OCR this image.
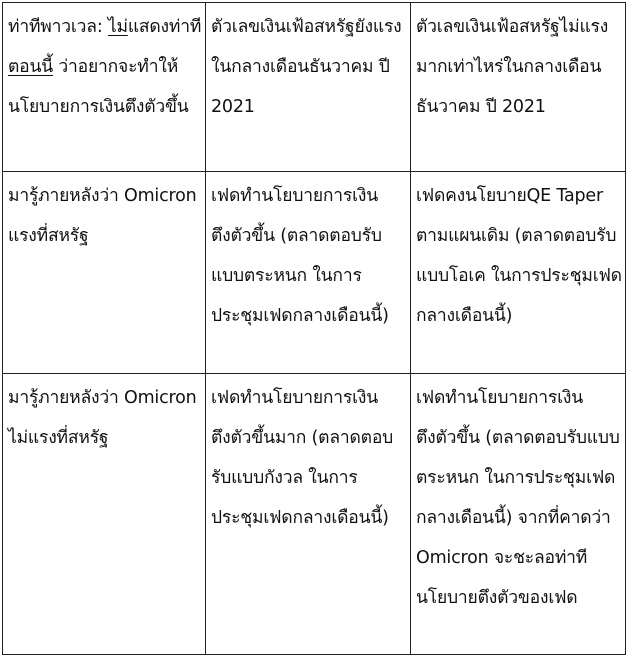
ท่าทีพาวเวล: ไม่แสดงท่าทีตอนนี้ ว่าอยากจะทำให้นโยบายการเงินตึงตัวขึ้น	ตัวเลขเงินเฟ้อสหรัฐยังแรงในกลางเดือนธันวาคม ปี 2021	ตัวเลขเงินเฟ้อสหรัฐไม่แรงมากเท่าไหร่ในกลางเดือนธันวาคม ปี 2021
มารู้ภายหลังว่า Omicron แรงที่สหรัฐ	เฟดทำนโยบายการเงินตึงตัวขึ้น (ตลาดตอบรับแบบตระหนก ในการประชุมเฟดกลางเดือนนี้)	เฟดคงนโยบายQE Taper ตามแผนเดิม (ตลาดตอบรับแบบโอเค ในการประชุมเฟดกลางเดือนนี้)
มารู้ภายหลังว่า Omicron ไม่แรงที่สหรัฐ	เฟดทำนโยบายการเงินตึงตัวขึ้นมาก (ตลาดตอบรับแบบกังวล ในการประชุมเฟดกลางเดือนนี้)	เฟดทำนโยบายการเงินตึงตัวขึ้น (ตลาดตอบรับแบบตระหนก ในการประชุมเฟดกลางเดือนนี้) จากที่คาดว่า Omicron จะชะลอท่าทีนโยบายตึงตัวของเฟด
